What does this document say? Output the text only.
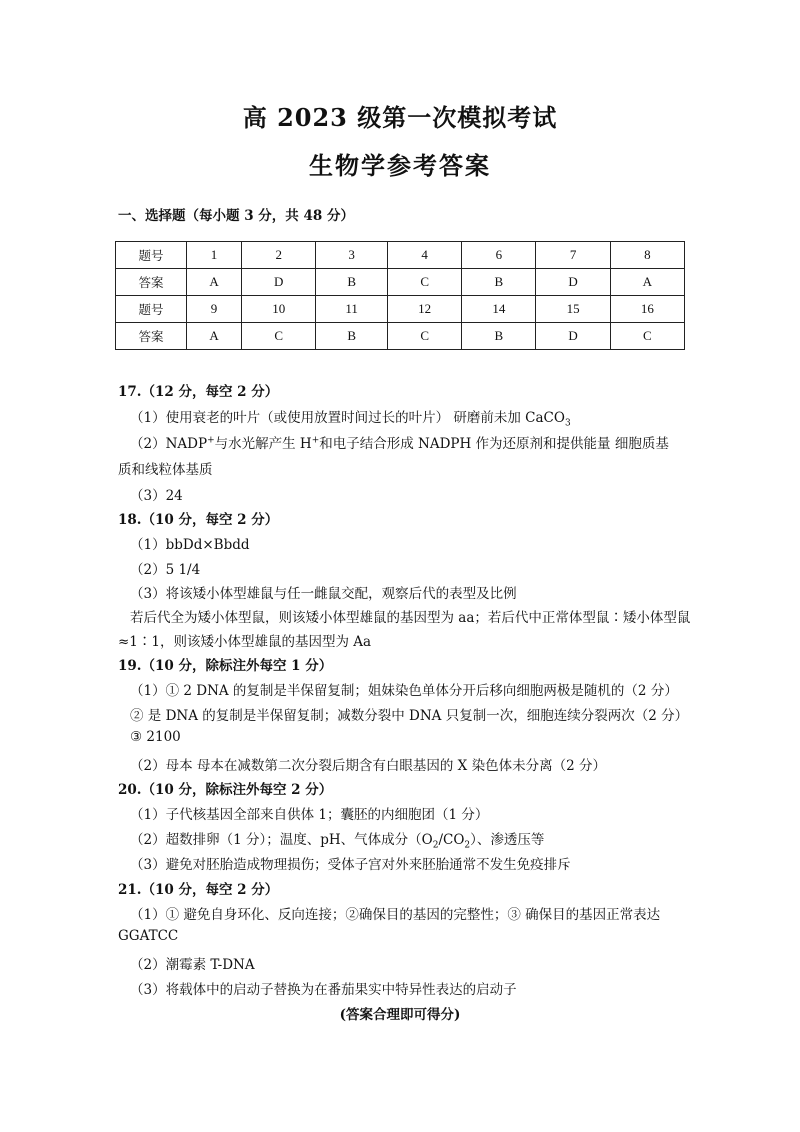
高 2023 级第一次模拟考试
生物学参考答案
一、选择题（每小题 3 分，共 48 分）
题号	1	2	3	4	6	7	8
答案	A	D	B	C	B	D	A
题号	9	10	11	12	14	15	16
答案	A	C	B	C	B	D	C
17.（12 分，每空 2 分）
（1）使用衰老的叶片（或使用放置时间过长的叶片） 研磨前未加 CaCO$_3$
（2）NADP+与水光解产生 H+和电子结合形成 NADPH 作为还原剂和提供能量 细胞质基
质和线粒体基质
（3）24
18.（10 分，每空 2 分）
（1）bbDd×Bbdd
（2）5 1/4
（3）将该矮小体型雄鼠与任一雌鼠交配，观察后代的表型及比例
若后代全为矮小体型鼠，则该矮小体型雄鼠的基因型为 aa；若后代中正常体型鼠∶矮小体型鼠
≈1∶1，则该矮小体型雄鼠的基因型为 Aa
19.（10 分，除标注外每空 1 分）
（1）① 2 DNA 的复制是半保留复制；姐妹染色单体分开后移向细胞两极是随机的（2 分）
② 是 DNA 的复制是半保留复制；减数分裂中 DNA 只复制一次，细胞连续分裂两次（2 分）
③ 2100
（2）母本 母本在减数第二次分裂后期含有白眼基因的 X 染色体未分离（2 分）
20.（10 分，除标注外每空 2 分）
（1）子代核基因全部来自供体 1；囊胚的内细胞团（1 分）
（2）超数排卵（1 分）；温度、pH、气体成分$(O_2/CO_2)$、渗透压等
（3）避免对胚胎造成物理损伤；受体子宫对外来胚胎通常不发生免疫排斥
21.（10 分，每空 2 分）
（1）① 避免自身环化、反向连接；②确保目的基因的完整性；③ 确保目的基因正常表达
GGATCC
（2）潮霉素 T-DNA
（3）将载体中的启动子替换为在番茄果实中特异性表达的启动子
(答案合理即可得分)
